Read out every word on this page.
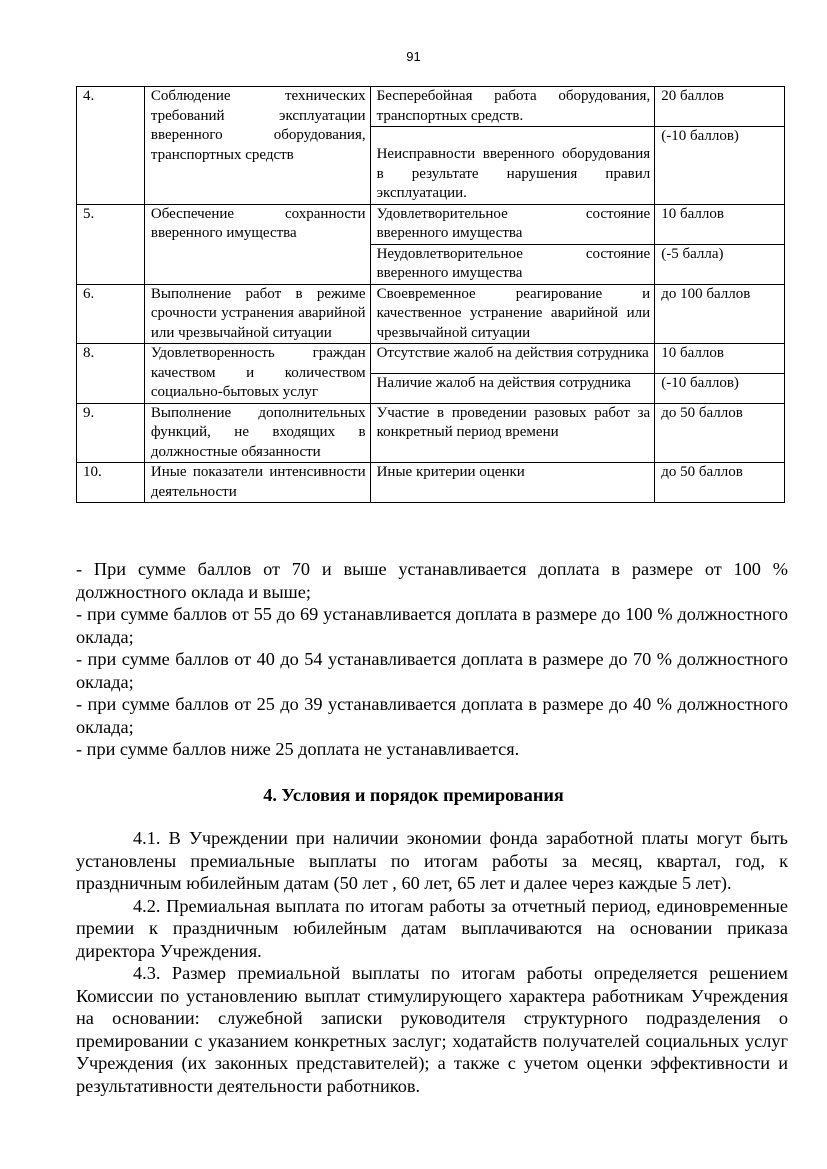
91
4.	Соблюдение технических требований эксплуатации вверенного оборудования, транспортных средств	Бесперебойная работа оборудования, транспортных средств.	20 баллов
		Неисправности вверенного оборудования в результате нарушения правил эксплуатации.	(-10 баллов)
5.	Обеспечение сохранности вверенного имущества	Удовлетворительное состояние вверенного имущества	10 баллов
		Неудовлетворительное состояние вверенного имущества	(-5 балла)
6.	Выполнение работ в режиме срочности устранения аварийной или чрезвычайной ситуации	Своевременное реагирование и качественное устранение аварийной или чрезвычайной ситуации	до 100 баллов
8.	Удовлетворенность граждан качеством и количеством социально-бытовых услуг	Отсутствие жалоб на действия сотрудника	10 баллов
		Наличие жалоб на действия сотрудника	(-10 баллов)
9.	Выполнение дополнительных функций, не входящих в должностные обязанности	Участие в проведении разовых работ за конкретный период времени	до 50 баллов
10.	Иные показатели интенсивности деятельности	Иные критерии оценки	до 50 баллов

- При сумме баллов от 70 и выше устанавливается доплата в размере от 100 % должностного оклада и выше;

- при сумме баллов от 55 до 69 устанавливается доплата в размере до 100 % должностного оклада;

- при сумме баллов от 40 до 54 устанавливается доплата в размере до 70 % должностного оклада;

- при сумме баллов от 25 до 39 устанавливается доплата в размере до 40 % должностного оклада;

- при сумме баллов ниже 25 доплата не устанавливается.

4. Условия и порядок премирования

4.1. В Учреждении при наличии экономии фонда заработной платы могут быть установлены премиальные выплаты по итогам работы за месяц, квартал, год, к праздничным юбилейным датам (50 лет , 60 лет, 65 лет и далее через каждые 5 лет).

4.2. Премиальная выплата по итогам работы за отчетный период, единовременные премии к праздничным юбилейным датам выплачиваются на основании приказа директора Учреждения.

4.3. Размер премиальной выплаты по итогам работы определяется решением Комиссии по установлению выплат стимулирующего характера работникам Учреждения на основании: служебной записки руководителя структурного подразделения о премировании с указанием конкретных заслуг; ходатайств получателей социальных услуг Учреждения (их законных представителей); а также с учетом оценки эффективности и результативности деятельности работников.
